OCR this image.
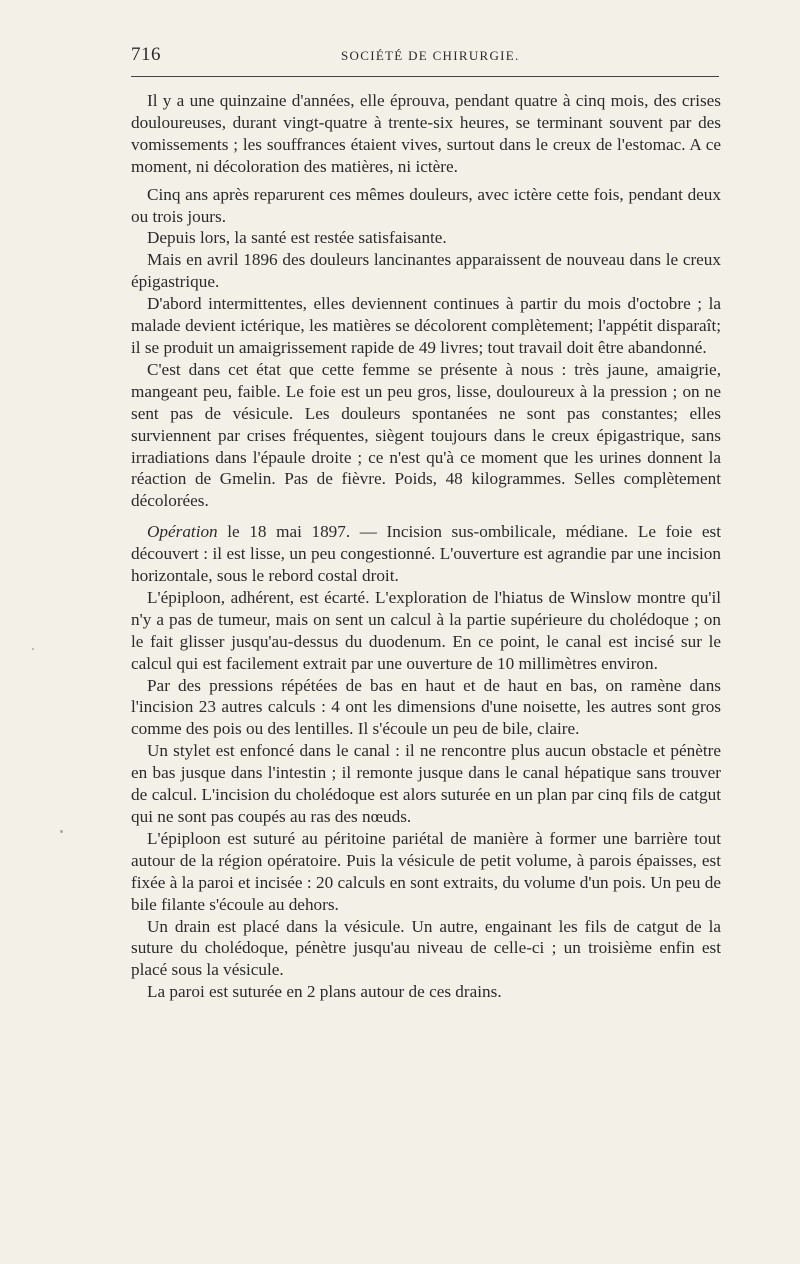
716	SOCIÉTÉ DE CHIRURGIE.

Il y a une quinzaine d'années, elle éprouva, pendant quatre à cinq mois, des crises douloureuses, durant vingt-quatre à trente-six heures, se terminant souvent par des vomissements ; les souffrances étaient vives, surtout dans le creux de l'estomac. A ce moment, ni décoloration des matières, ni ictère.

Cinq ans après reparurent ces mêmes douleurs, avec ictère cette fois, pendant deux ou trois jours.

Depuis lors, la santé est restée satisfaisante.

Mais en avril 1896 des douleurs lancinantes apparaissent de nouveau dans le creux épigastrique.

D'abord intermittentes, elles deviennent continues à partir du mois d'octobre ; la malade devient ictérique, les matières se décolorent complètement; l'appétit disparaît; il se produit un amaigrissement rapide de 49 livres; tout travail doit être abandonné.

C'est dans cet état que cette femme se présente à nous : très jaune, amaigrie, mangeant peu, faible. Le foie est un peu gros, lisse, douloureux à la pression ; on ne sent pas de vésicule. Les douleurs spontanées ne sont pas constantes; elles surviennent par crises fréquentes, siègent toujours dans le creux épigastrique, sans irradiations dans l'épaule droite ; ce n'est qu'à ce moment que les urines donnent la réaction de Gmelin. Pas de fièvre. Poids, 48 kilogrammes. Selles complètement décolorées.

Opération le 18 mai 1897. — Incision sus-ombilicale, médiane. Le foie est découvert : il est lisse, un peu congestionné. L'ouverture est agrandie par une incision horizontale, sous le rebord costal droit.

L'épiploon, adhérent, est écarté. L'exploration de l'hiatus de Winslow montre qu'il n'y a pas de tumeur, mais on sent un calcul à la partie supérieure du cholédoque ; on le fait glisser jusqu'au-dessus du duodenum. En ce point, le canal est incisé sur le calcul qui est facilement extrait par une ouverture de 10 millimètres environ.

Par des pressions répétées de bas en haut et de haut en bas, on ramène dans l'incision 23 autres calculs : 4 ont les dimensions d'une noisette, les autres sont gros comme des pois ou des lentilles. Il s'écoule un peu de bile, claire.

Un stylet est enfoncé dans le canal : il ne rencontre plus aucun obstacle et pénètre en bas jusque dans l'intestin ; il remonte jusque dans le canal hépatique sans trouver de calcul. L'incision du cholédoque est alors suturée en un plan par cinq fils de catgut qui ne sont pas coupés au ras des nœuds.

L'épiploon est suturé au péritoine pariétal de manière à former une barrière tout autour de la région opératoire. Puis la vésicule de petit volume, à parois épaisses, est fixée à la paroi et incisée : 20 calculs en sont extraits, du volume d'un pois. Un peu de bile filante s'écoule au dehors.

Un drain est placé dans la vésicule. Un autre, engainant les fils de catgut de la suture du cholédoque, pénètre jusqu'au niveau de celle-ci ; un troisième enfin est placé sous la vésicule.

La paroi est suturée en 2 plans autour de ces drains.
